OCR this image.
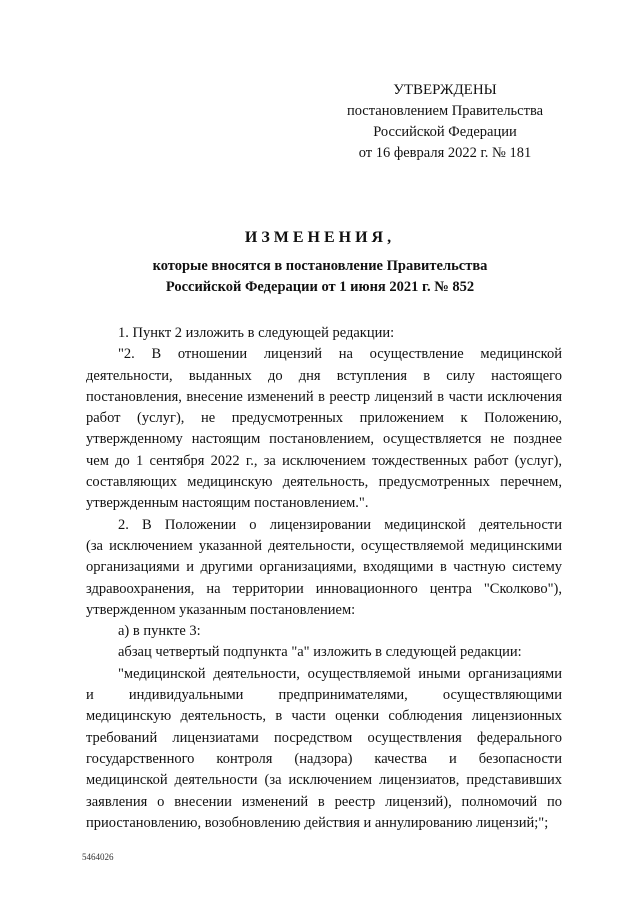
УТВЕРЖДЕНЫ
постановлением Правительства
Российской Федерации
от 16 февраля 2022 г. № 181
ИЗМЕНЕНИЯ,
которые вносятся в постановление Правительства
Российской Федерации от 1 июня 2021 г. № 852

1. Пункт 2 изложить в следующей редакции:

"2. В отношении лицензий на осуществление медицинской
деятельности, выданных до дня вступления в силу настоящего
постановления, внесение изменений в реестр лицензий в части исключения
работ (услуг), не предусмотренных приложением к Положению,
утвержденному настоящим постановлением, осуществляется не позднее
чем до 1 сентября 2022 г., за исключением тождественных работ (услуг),
составляющих медицинскую деятельность, предусмотренных перечнем,
утвержденным настоящим постановлением.".
2. В Положении о лицензировании медицинской деятельности
(за исключением указанной деятельности, осуществляемой медицинскими
организациями и другими организациями, входящими в частную систему
здравоохранения, на территории инновационного центра "Сколково"),
утвержденном указанным постановлением:

а) в пункте 3:

абзац четвертый подпункта "а" изложить в следующей редакции:

"медицинской деятельности, осуществляемой иными организациями
и индивидуальными предпринимателями, осуществляющими
медицинскую деятельность, в части оценки соблюдения лицензионных
требований лицензиатами посредством осуществления федерального
государственного контроля (надзора) качества и безопасности
медицинской деятельности (за исключением лицензиатов, представивших
заявления о внесении изменений в реестр лицензий), полномочий по
приостановлению, возобновлению действия и аннулированию лицензий;";
5464026
